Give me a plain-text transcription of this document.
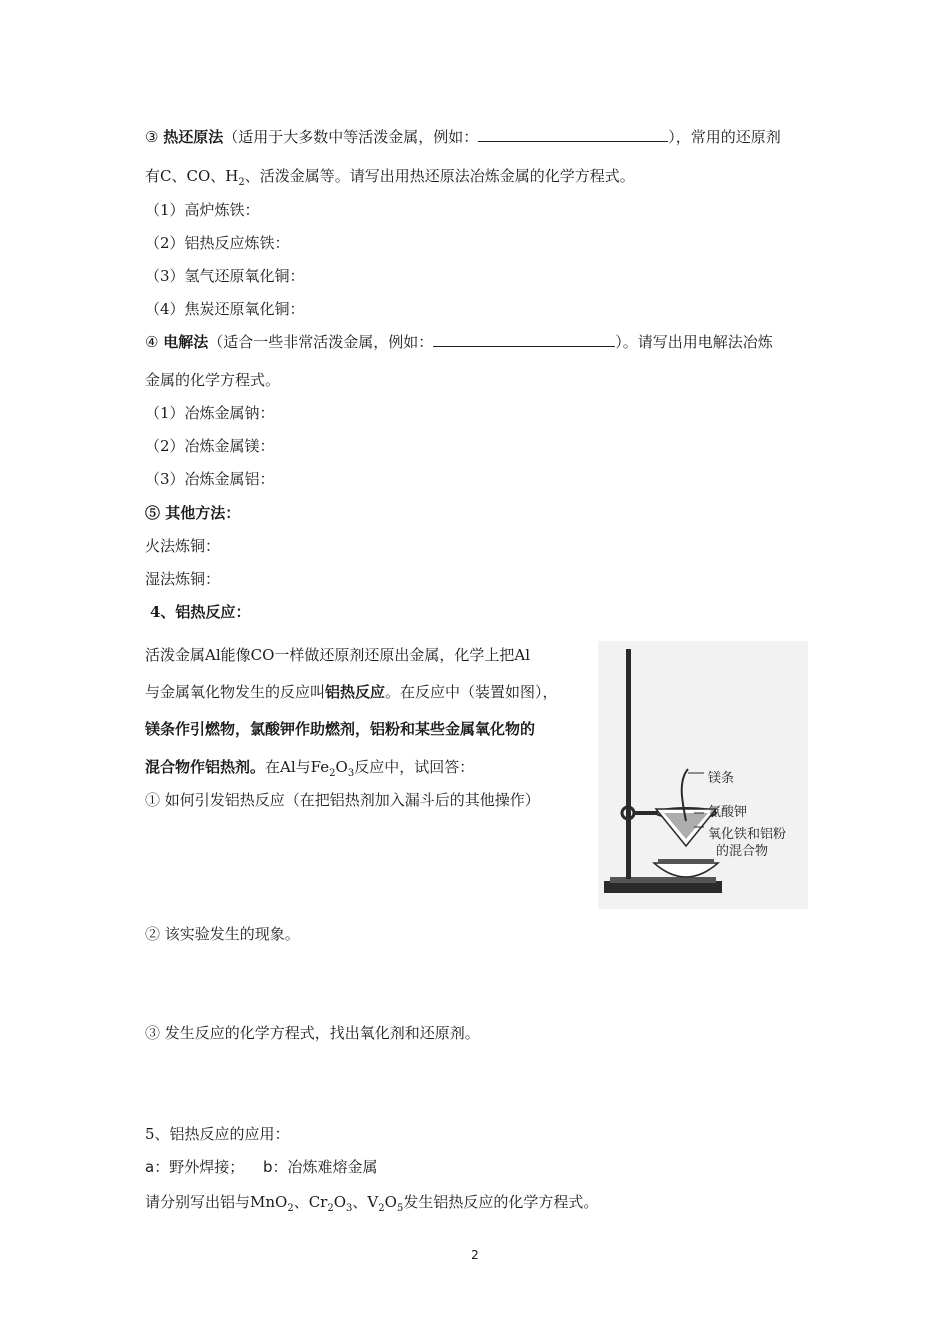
③ 热还原法（适用于大多数中等活泼金属，例如：	），常用的还原剂
有C、CO、$H_2$、活泼金属等。请写出用热还原法冶炼金属的化学方程式。
（1）高炉炼铁：
（2）铝热反应炼铁：
（3）氢气还原氧化铜：
（4）焦炭还原氧化铜：
④ 电解法（适合一些非常活泼金属，例如：	）。请写出用电解法冶炼
金属的化学方程式。
（1）冶炼金属钠：
（2）冶炼金属镁：
（3）冶炼金属铝：
⑤ 其他方法：
火法炼铜：
湿法炼铜：
4、铝热反应：
活泼金属Al能像CO一样做还原剂还原出金属，化学上把Al
与金属氧化物发生的反应叫铝热反应。在反应中（装置如图），
镁条作引燃物，氯酸钾作助燃剂，铝粉和某些金属氧化物的
混合物作铝热剂。在Al与$Fe_2O_3$反应中，试回答：
① 如何引发铝热反应（在把铝热剂加入漏斗后的其他操作）
镁条
氯酸钾
氧化铁和铝粉
的混合物
② 该实验发生的现象。
③ 发生反应的化学方程式，找出氧化剂和还原剂。
5、铝热反应的应用：
a：野外焊接； b：冶炼难熔金属
请分别写出铝与MnO$_2$、$Cr_2O_3$、$V_2O_5$发生铝热反应的化学方程式。
2
